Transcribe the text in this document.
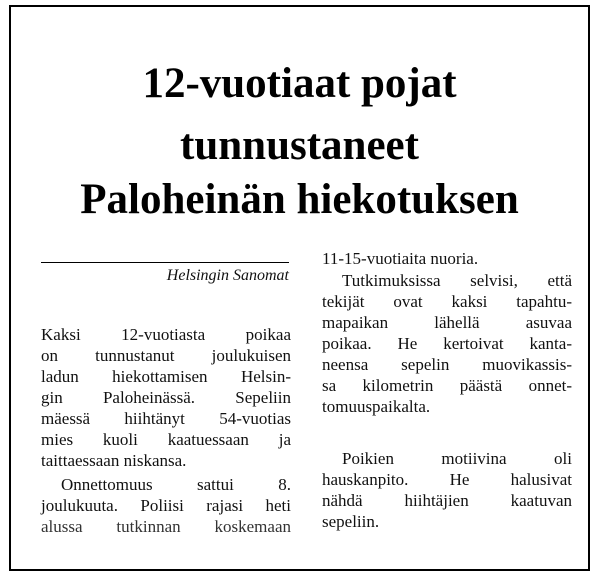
12-vuotiaat pojat
tunnustaneet
Paloheinän hiekotuksen
Helsingin Sanomat
Kaksi 12-vuotiasta poikaa
on tunnustanut joulukuisen
ladun hiekottamisen Helsin-
gin Paloheinässä. Sepeliin
mäessä hiihtänyt 54-vuotias
mies kuoli kaatuessaan ja
taittaessaan niskansa.
Onnettomuus sattui 8.
joulukuuta. Poliisi rajasi heti
alussa tutkinnan koskemaan
11-15-vuotiaita nuoria.
Tutkimuksissa selvisi, että
tekijät ovat kaksi tapahtu-
mapaikan lähellä asuvaa
poikaa. He kertoivat kanta-
neensa sepelin muovikassis-
sa kilometrin päästä onnet-
tomuuspaikalta.
Poikien motiivina oli
hauskanpito. He halusivat
nähdä hiihtäjien kaatuvan
sepeliin.
